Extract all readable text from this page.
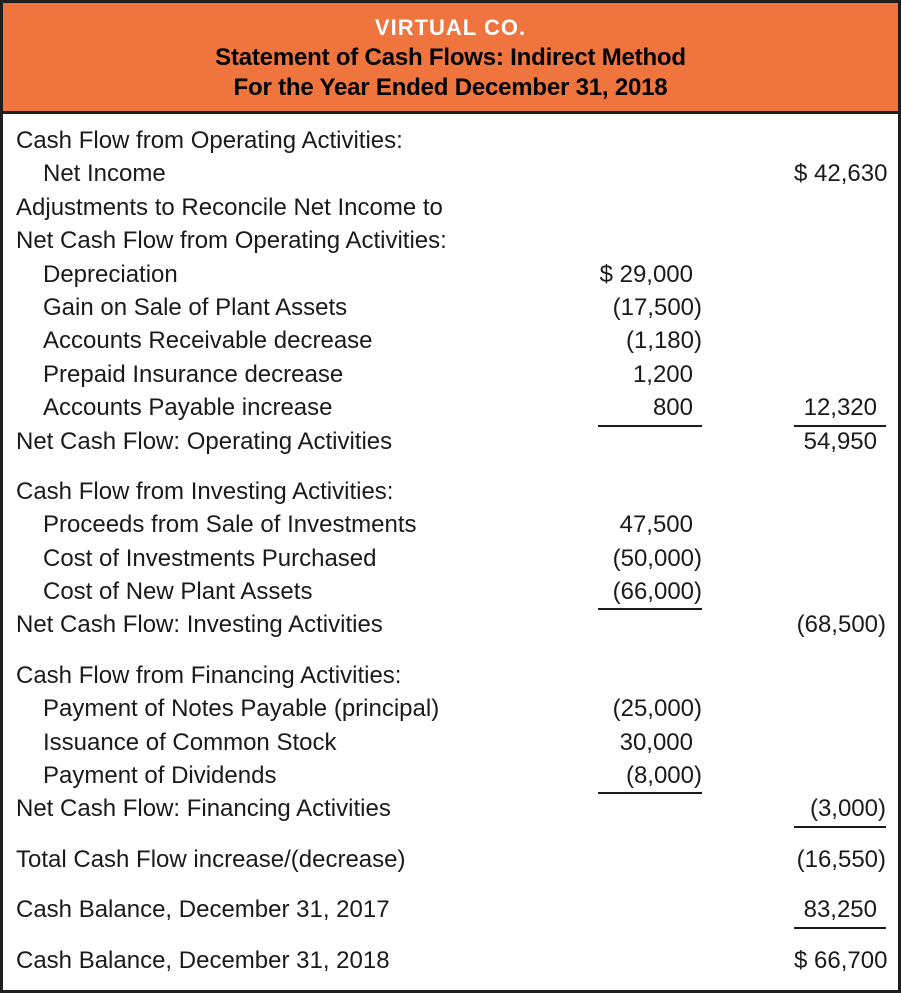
VIRTUAL CO.
Statement of Cash Flows: Indirect Method
For the Year Ended December 31, 2018
Cash Flow from Operating Activities:
Net Income	$ 42,630
Adjustments to Reconcile Net Income to
Net Cash Flow from Operating Activities:
Depreciation	$ 29,000
Gain on Sale of Plant Assets	(17,500)
Accounts Receivable decrease	(1,180)
Prepaid Insurance decrease	1,200
Accounts Payable increase	800	12,320
Net Cash Flow: Operating Activities	54,950
Cash Flow from Investing Activities:
Proceeds from Sale of Investments	47,500
Cost of Investments Purchased	(50,000)
Cost of New Plant Assets	(66,000)
Net Cash Flow: Investing Activities	(68,500)
Cash Flow from Financing Activities:
Payment of Notes Payable (principal)	(25,000)
Issuance of Common Stock	30,000
Payment of Dividends	(8,000)
Net Cash Flow: Financing Activities	(3,000)
Total Cash Flow increase/(decrease)	(16,550)
Cash Balance, December 31, 2017	83,250
Cash Balance, December 31, 2018	$ 66,700
